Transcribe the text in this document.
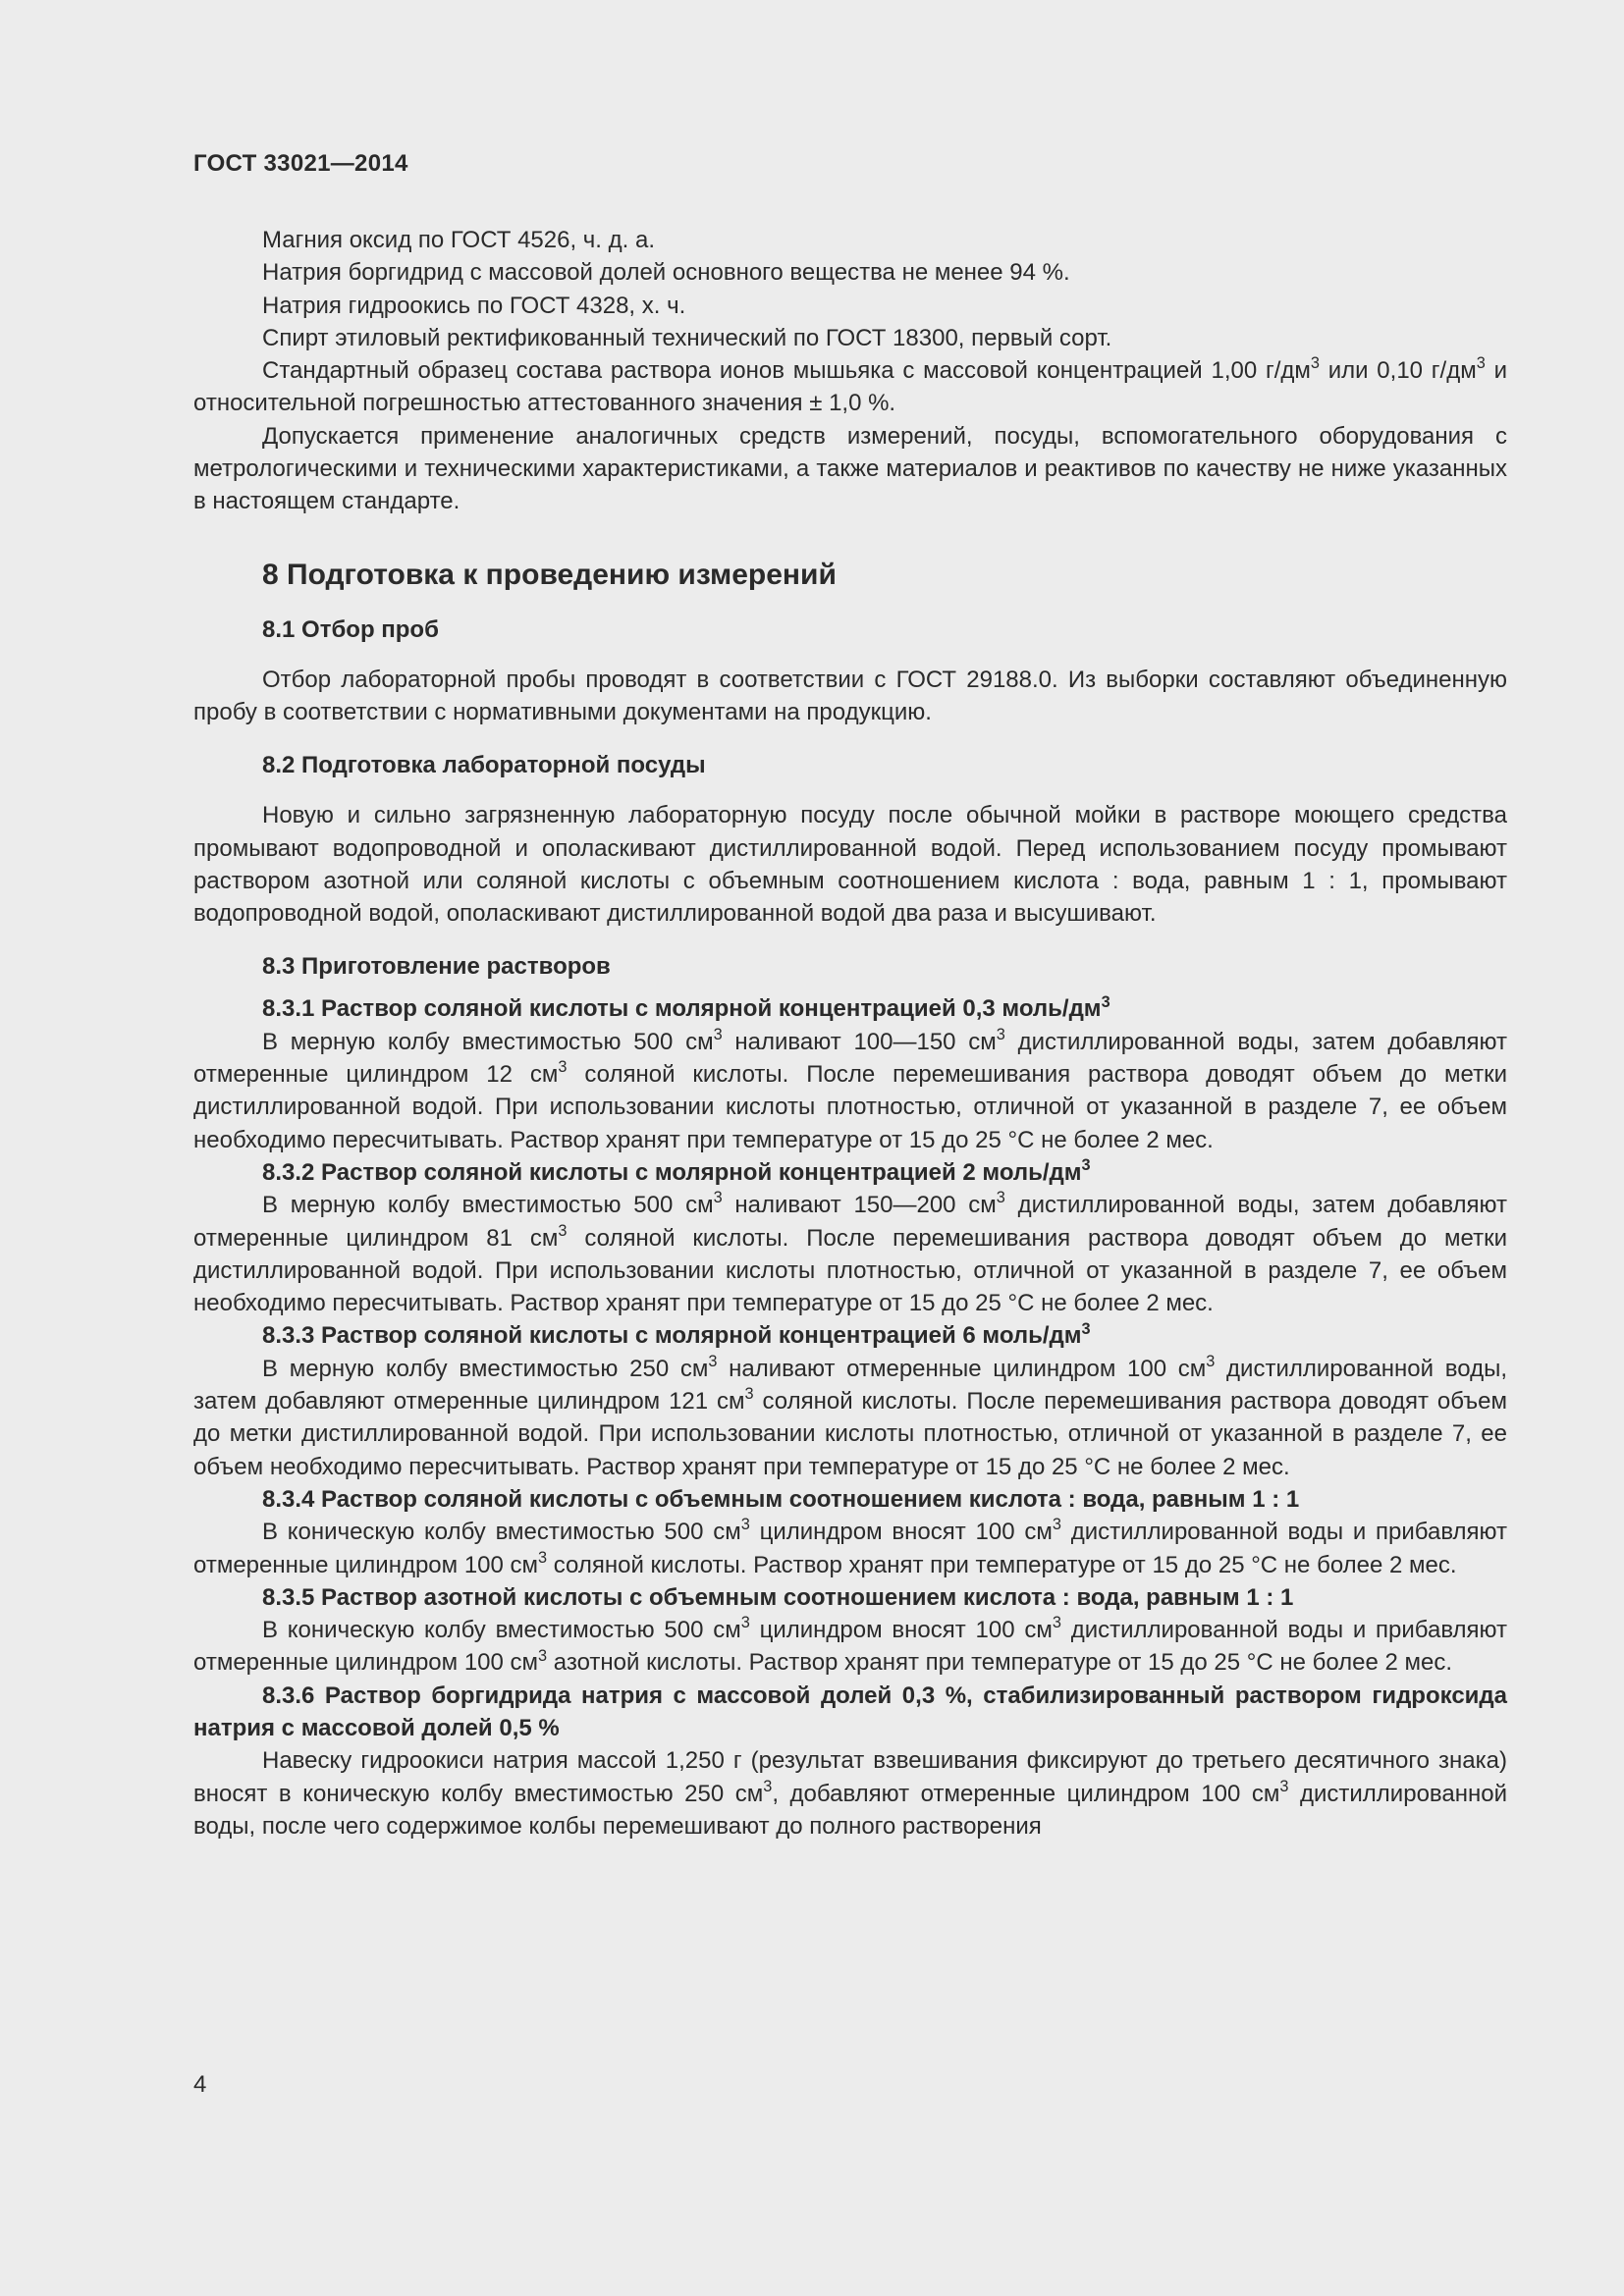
ГОСТ 33021—2014

Магния оксид по ГОСТ 4526, ч. д. а.

Натрия боргидрид с массовой долей основного вещества не менее 94 %.

Натрия гидроокись по ГОСТ 4328, х. ч.

Спирт этиловый ректификованный технический по ГОСТ 18300, первый сорт.

Стандартный образец состава раствора ионов мышьяка с массовой концентрацией 1,00 $г/дм^3$ или 0,10 $г/дм^3$ и относительной погрешностью аттестованного значения ± 1,0 %.

Допускается применение аналогичных средств измерений, посуды, вспомогательного оборудования с метрологическими и техническими характеристиками, а также материалов и реактивов по качеству не ниже указанных в настоящем стандарте.

8 Подготовка к проведению измерений
8.1 Отбор проб

Отбор лабораторной пробы проводят в соответствии с ГОСТ 29188.0. Из выборки составляют объединенную пробу в соответствии с нормативными документами на продукцию.

8.2 Подготовка лабораторной посуды

Новую и сильно загрязненную лабораторную посуду после обычной мойки в растворе моющего средства промывают водопроводной и ополаскивают дистиллированной водой. Перед использованием посуду промывают раствором азотной или соляной кислоты с объемным соотношением кислота : вода, равным 1 : 1, промывают водопроводной водой, ополаскивают дистиллированной водой два раза и высушивают.

8.3 Приготовление растворов

8.3.1 Раствор соляной кислоты с молярной концентрацией 0,3 моль/$дм^3$

В мерную колбу вместимостью 500 $см^3$ наливают 100—150 $см^3$ дистиллированной воды, затем добавляют отмеренные цилиндром 12 $см^3$ соляной кислоты. После перемешивания раствора доводят объем до метки дистиллированной водой. При использовании кислоты плотностью, отличной от указанной в разделе 7, ее объем необходимо пересчитывать. Раствор хранят при температуре от 15 до 25 °С не более 2 мес.

8.3.2 Раствор соляной кислоты с молярной концентрацией 2 моль/$дм^3$

В мерную колбу вместимостью 500 $см^3$ наливают 150—200 $см^3$ дистиллированной воды, затем добавляют отмеренные цилиндром 81 $см^3$ соляной кислоты. После перемешивания раствора доводят объем до метки дистиллированной водой. При использовании кислоты плотностью, отличной от указанной в разделе 7, ее объем необходимо пересчитывать. Раствор хранят при температуре от 15 до 25 °С не более 2 мес.

8.3.3 Раствор соляной кислоты с молярной концентрацией 6 моль/$дм^3$

В мерную колбу вместимостью 250 $см^3$ наливают отмеренные цилиндром 100 $см^3$ дистиллированной воды, затем добавляют отмеренные цилиндром 121 $см^3$ соляной кислоты. После перемешивания раствора доводят объем до метки дистиллированной водой. При использовании кислоты плотностью, отличной от указанной в разделе 7, ее объем необходимо пересчитывать. Раствор хранят при температуре от 15 до 25 °С не более 2 мес.

8.3.4 Раствор соляной кислоты с объемным соотношением кислота : вода, равным 1 : 1

В коническую колбу вместимостью 500 $см^3$ цилиндром вносят 100 $см^3$ дистиллированной воды и прибавляют отмеренные цилиндром 100 $см^3$ соляной кислоты. Раствор хранят при температуре от 15 до 25 °С не более 2 мес.

8.3.5 Раствор азотной кислоты с объемным соотношением кислота : вода, равным 1 : 1

В коническую колбу вместимостью 500 $см^3$ цилиндром вносят 100 $см^3$ дистиллированной воды и прибавляют отмеренные цилиндром 100 $см^3$ азотной кислоты. Раствор хранят при температуре от 15 до 25 °С не более 2 мес.

8.3.6 Раствор боргидрида натрия с массовой долей 0,3 %, стабилизированный раствором гидроксида натрия с массовой долей 0,5 %

Навеску гидроокиси натрия массой 1,250 г (результат взвешивания фиксируют до третьего десятичного знака) вносят в коническую колбу вместимостью 250 $см^3$, добавляют отмеренные цилиндром 100 $см^3$ дистиллированной воды, после чего содержимое колбы перемешивают до полного растворения

4
